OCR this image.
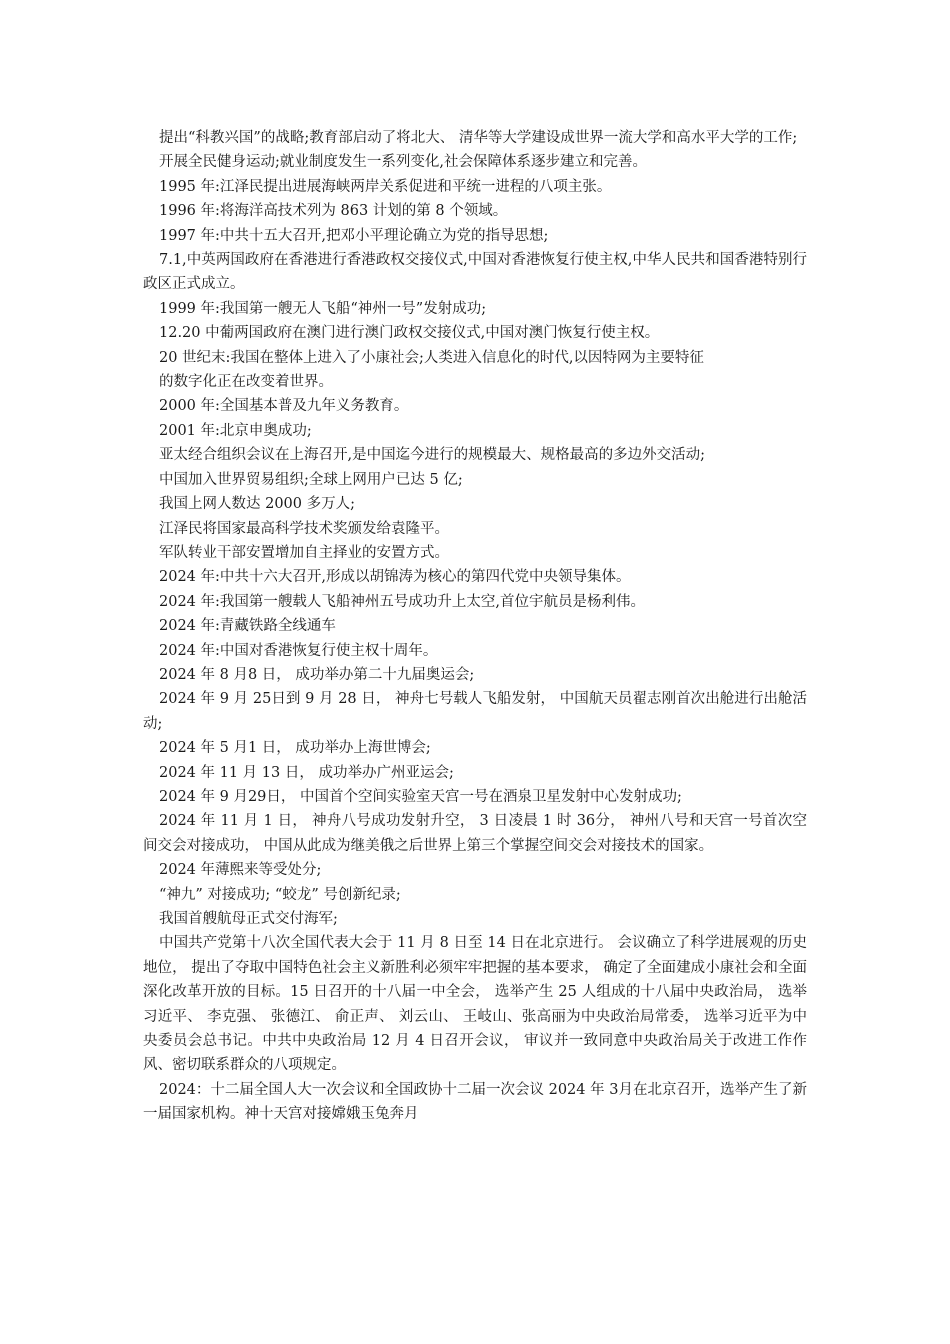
提出“科教兴国”的战略;教育部启动了将北大、 清华等大学建设成世界一流大学和高水平大学的工作;

开展全民健身运动;就业制度发生一系列变化,社会保障体系逐步建立和完善。

1995 年:江泽民提出进展海峡两岸关系促进和平统一进程的八项主张。

1996 年:将海洋高技术列为 863 计划的第 8 个领域。

1997 年:中共十五大召开,把邓小平理论确立为党的指导思想;

7.1,中英两国政府在香港进行香港政权交接仪式,中国对香港恢复行使主权,中华人民共和国香港特别行政区正式成立。

1999 年:我国第一艘无人飞船“神州一号”发射成功;

12.20 中葡两国政府在澳门进行澳门政权交接仪式,中国对澳门恢复行使主权。

20 世纪末:我国在整体上进入了小康社会;人类进入信息化的时代,以因特网为主要特征

的数字化正在改变着世界。

2000 年:全国基本普及九年义务教育。

2001 年:北京申奥成功;

亚太经合组织会议在上海召开,是中国迄今进行的规模最大、规格最高的多边外交活动;

中国加入世界贸易组织;全球上网用户已达 5 亿;

我国上网人数达 2000 多万人;

江泽民将国家最高科学技术奖颁发给袁隆平。

军队转业干部安置增加自主择业的安置方式。

2024 年:中共十六大召开,形成以胡锦涛为核心的第四代党中央领导集体。

2024 年:我国第一艘载人飞船神州五号成功升上太空,首位宇航员是杨利伟。

2024 年:青藏铁路全线通车

2024 年:中国对香港恢复行使主权十周年。

2024 年 8 月8 日， 成功举办第二十九届奥运会;

2024 年 9 月 25日到 9 月 28 日， 神舟七号载人飞船发射， 中国航天员翟志刚首次出舱进行出舱活动;

2024 年 5 月1 日， 成功举办上海世博会;

2024 年 11 月 13 日， 成功举办广州亚运会;

2024 年 9 月29日， 中国首个空间实验室天宫一号在酒泉卫星发射中心发射成功;

2024 年 11 月 1 日， 神舟八号成功发射升空， 3 日凌晨 1 时 36分， 神州八号和天宫一号首次空间交会对接成功， 中国从此成为继美俄之后世界上第三个掌握空间交会对接技术的国家。

2024 年薄熙来等受处分;

“神九” 对接成功; “蛟龙” 号创新纪录;

我国首艘航母正式交付海军;

中国共产党第十八次全国代表大会于 11 月 8 日至 14 日在北京进行。 会议确立了科学进展观的历史地位， 提出了夺取中国特色社会主义新胜利必须牢牢把握的基本要求， 确定了全面建成小康社会和全面深化改革开放的目标。15 日召开的十八届一中全会， 选举产生 25 人组成的十八届中央政治局， 选举习近平、 李克强、 张德江、 俞正声、 刘云山、 王岐山、张高丽为中央政治局常委， 选举习近平为中央委员会总书记。中共中央政治局 12 月 4 日召开会议， 审议并一致同意中央政治局关于改进工作作风、密切联系群众的八项规定。

2024：十二届全国人大一次会议和全国政协十二届一次会议 2024 年 3月在北京召开，选举产生了新一届国家机构。神十天宫对接嫦娥玉兔奔月
